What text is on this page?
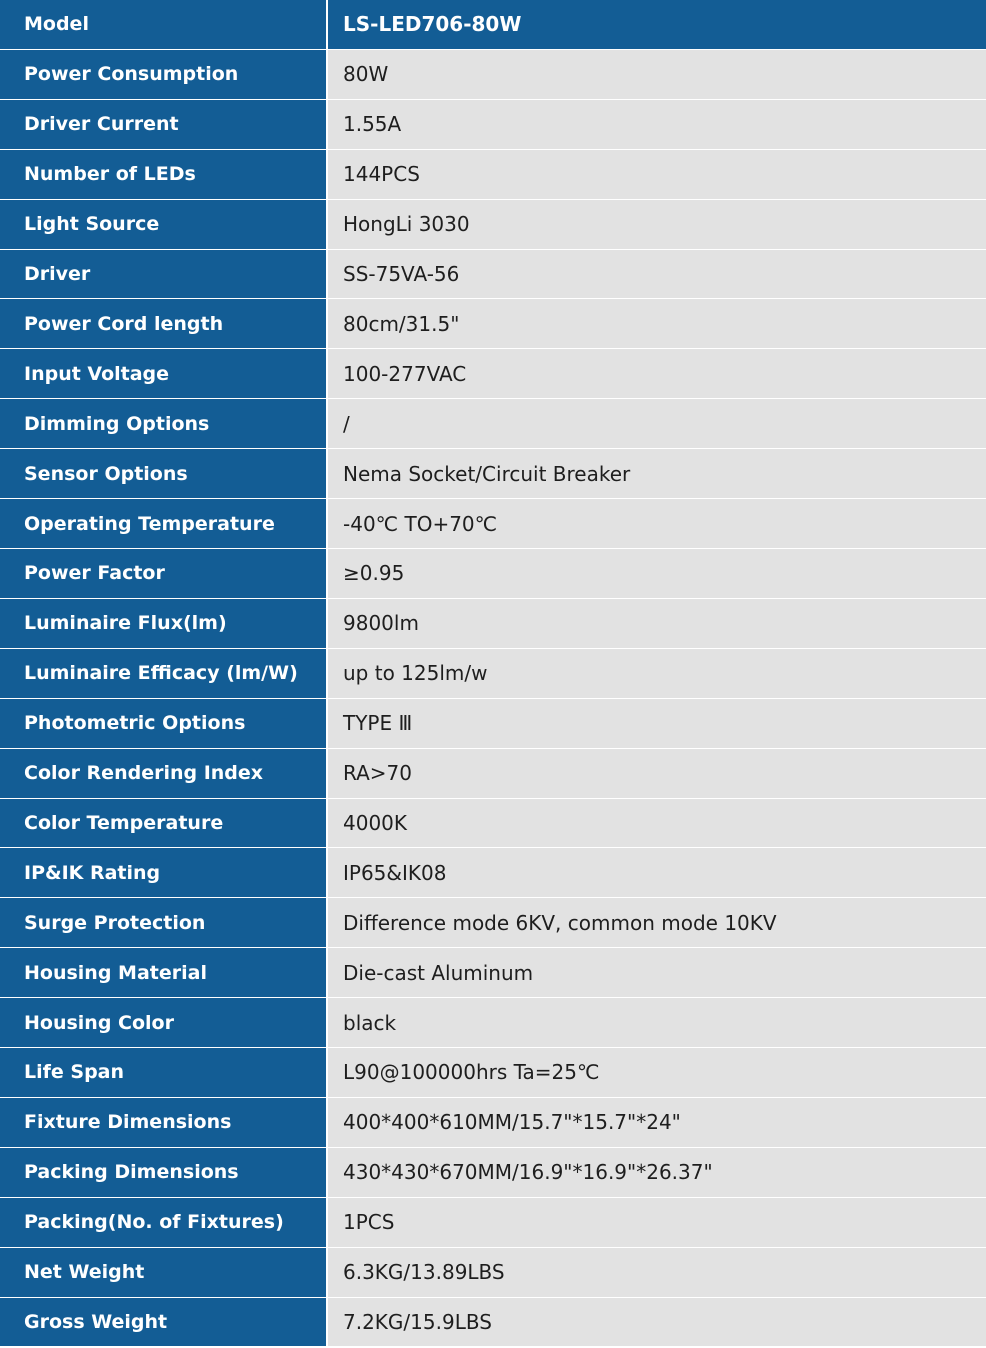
Model	LS-LED706-80W
Power Consumption	80W
Driver Current	1.55A
Number of LEDs	144PCS
Light Source	HongLi 3030
Driver	SS-75VA-56
Power Cord length	80cm/31.5"
Input Voltage	100-277VAC
Dimming Options	/
Sensor Options	Nema Socket/Circuit Breaker
Operating Temperature	-40℃ TO+70℃
Power Factor	≥0.95
Luminaire Flux(lm)	9800lm
Luminaire Efficacy (lm/W)	up to 125lm/w
Photometric Options	TYPE Ⅲ
Color Rendering Index	RA>70
Color Temperature	4000K
IP&IK Rating	IP65&IK08
Surge Protection	Difference mode 6KV, common mode 10KV
Housing Material	Die-cast Aluminum
Housing Color	black
Life Span	L90@100000hrs Ta=25℃
Fixture Dimensions	400*400*610MM/15.7"*15.7"*24"
Packing Dimensions	430*430*670MM/16.9"*16.9"*26.37"
Packing(No. of Fixtures)	1PCS
Net Weight	6.3KG/13.89LBS
Gross Weight	7.2KG/15.9LBS
